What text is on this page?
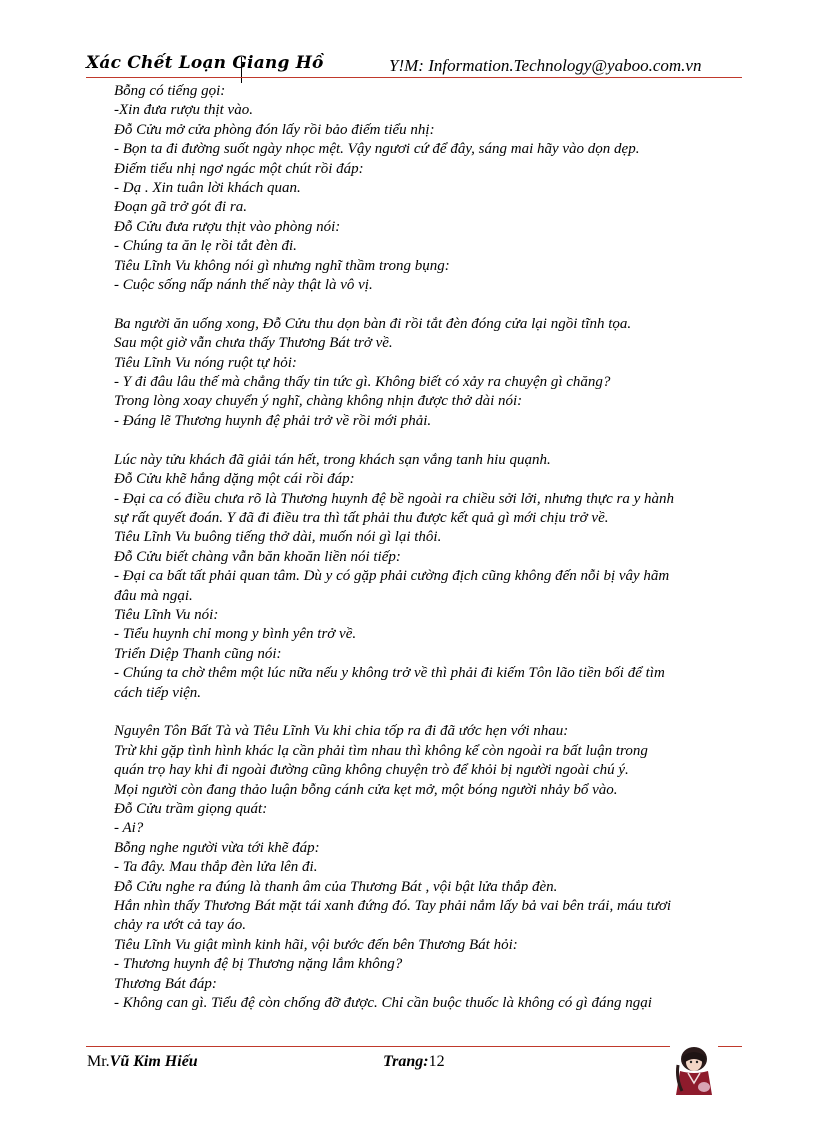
Xác Chết Loạn Giang Hồ	Y!M: Information.Technology@yaboo.com.vn

Bỗng có tiếng gọi:

-Xin đưa rượu thịt vào.

Đỗ Cửu mở cửa phòng đón lấy rồi bảo điếm tiểu nhị:

- Bọn ta đi đường suốt ngày nhọc mệt. Vậy ngươi cứ để đây, sáng mai hãy vào dọn dẹp.

Điếm tiểu nhị ngơ ngác một chút rồi đáp:

- Dạ . Xin tuân lời khách quan.

Đoạn gã trở gót đi ra.

Đỗ Cửu đưa rượu thịt vào phòng nói:

- Chúng ta ăn lẹ rồi tắt đèn đi.

Tiêu Lĩnh Vu không nói gì nhưng nghĩ thầm trong bụng:

- Cuộc sống nấp nánh thế này thật là vô vị.

Ba người ăn uống xong, Đỗ Cửu thu dọn bàn đi rồi tắt đèn đóng cửa lại ngồi tĩnh tọa.

Sau một giờ vẫn chưa thấy Thương Bát trở về.

Tiêu Lĩnh Vu nóng ruột tự hỏi:

- Y đi đâu lâu thế mà chẳng thấy tin tức gì. Không biết có xảy ra chuyện gì chăng?

Trong lòng xoay chuyển ý nghĩ, chàng không nhịn được thở dài nói:

- Đáng lẽ Thương huynh đệ phải trở về rồi mới phải.

Lúc này tửu khách đã giải tán hết, trong khách sạn vắng tanh hiu quạnh.

Đỗ Cửu khẽ hắng dặng một cái rồi đáp:

- Đại ca có điều chưa rõ là Thương huynh đệ bề ngoài ra chiều sởi lởi, nhưng thực ra y hành

sự rất quyết đoán. Y đã đi điều tra thì tất phải thu được kết quả gì mới chịu trở về.

Tiêu Lĩnh Vu buông tiếng thở dài, muốn nói gì lại thôi.

Đỗ Cửu biết chàng vẫn băn khoăn liền nói tiếp:

- Đại ca bất tất phải quan tâm. Dù y có gặp phải cường địch cũng không đến nỗi bị vây hãm

đâu mà ngại.

Tiêu Lĩnh Vu nói:

- Tiểu huynh chỉ mong y bình yên trở về.

Triển Diệp Thanh cũng nói:

- Chúng ta chờ thêm một lúc nữa nếu y không trở về thì phải đi kiếm Tôn lão tiền bối để tìm

cách tiếp viện.

Nguyên Tôn Bất Tà và Tiêu Lĩnh Vu khi chia tốp ra đi đã ước hẹn với nhau:

Trừ khi gặp tình hình khác lạ cần phải tìm nhau thì không kể còn ngoài ra bất luận trong

quán trọ hay khi đi ngoài đường cũng không chuyện trò để khỏi bị người ngoài chú ý.

Mọi người còn đang thảo luận bỗng cánh cửa kẹt mở, một bóng người nhảy bổ vào.

Đỗ Cửu trầm giọng quát:

- Ai?

Bỗng nghe người vừa tới khẽ đáp:

- Ta đây. Mau thắp đèn lửa lên đi.

Đỗ Cửu nghe ra đúng là thanh âm của Thương Bát , vội bật lửa thắp đèn.

Hắn nhìn thấy Thương Bát mặt tái xanh đứng đó. Tay phải nắm lấy bả vai bên trái, máu tươi

chảy ra ướt cả tay áo.

Tiêu Lĩnh Vu giật mình kinh hãi, vội bước đến bên Thương Bát hỏi:

- Thương huynh đệ bị Thương nặng lắm không?

Thương Bát đáp:

- Không can gì. Tiểu đệ còn chống đỡ được. Chỉ cần buộc thuốc là không có gì đáng ngại

Mr.Vũ Kim Hiếu	Trang:12
